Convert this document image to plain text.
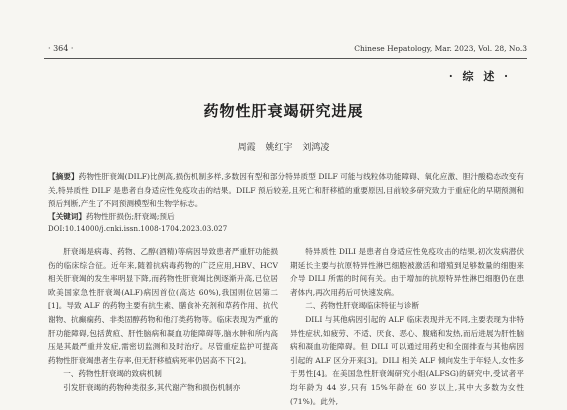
· 364 ·	Chinese Hepatology, Mar. 2023, Vol. 28, No.3
· 综 述 ·
药物性肝衰竭研究进展
周霞 姚红宇 刘鸿凌
【摘要】药物性肝衰竭(DILF)比例高,损伤机制多样,多数因有型和部分特异质型 DILF 可能与线粒体功能障碍、氧化应激、胆汁酸稳态改变有关,特异质性 DILF 是患者自身适应性免疫攻击的结果。DILF 预后较差,且死亡和肝移植的重要原因,目前较多研究致力于重症化的早期预测和预后判断,产生了不同预测模型和生物学标志。
【关键词】药物性肝损伤;肝衰竭;预后
DOI:10.14000/j.cnki.issn.1008-1704.2023.03.027

肝衰竭是病毒、药物、乙醇(酒精)等病因导致患者严重肝功能损伤的临床综合征。近年来,随着抗病毒药物的广泛应用,HBV、HCV 相关肝衰竭的发生率明显下降,而药物性肝衰竭比例逐渐升高,已位居欧美国家急性肝衰竭(ALF)病因首位(高达 60%),我国则位居第二[1]。导致 ALF 的药物主要有抗生素、膳食补充剂和草药作用、抗代谢物、抗癫痫药、非类固醇药物和他汀类药物等。临床表现为严重的肝功能障碍,包括黄疸、肝性脑病和凝血功能障碍等,脑水肿和所内高压是其最严重并发症,需密切监测和及时治疗。尽管重症监护可提高药物性肝衰竭患者生存率,但无肝移植病死率仍居高不下[2]。

一、药物性肝衰竭的致病机制

引发肝衰竭的药物种类很多,其代谢产物和损伤机制亦

特异质性 DILI 是患者自身适应性免疫攻击的结果,初次发病潜伏期延长主要与抗原特异性淋巴细胞被激活和增殖到足够数量的细胞来介导 DILI 所需的时间有关。由于增加的抗原特异性淋巴细胞仍在患者体内,再次用药后可快速发病。

二、药物性肝衰竭临床特征与诊断

DILI 与其他病因引起的 ALF 临床表现并无不同,主要表现为非特异性症状,如疲劳、不适、厌食、恶心、腹痛和发热,而后进展为肝性脑病和凝血功能障碍。但 DILI 可以通过用药史和全面排查与其他病因引起的 ALF 区分开来[3]。DILI 相关 ALF 倾向发生于年轻人,女性多于男性[4]。在美国急性肝衰竭研究小组(ALFSG)的研究中,受试者平均年龄为 44 岁,只有 15%年龄在 60 岁以上,其中大多数为女性(71%)。此外,
